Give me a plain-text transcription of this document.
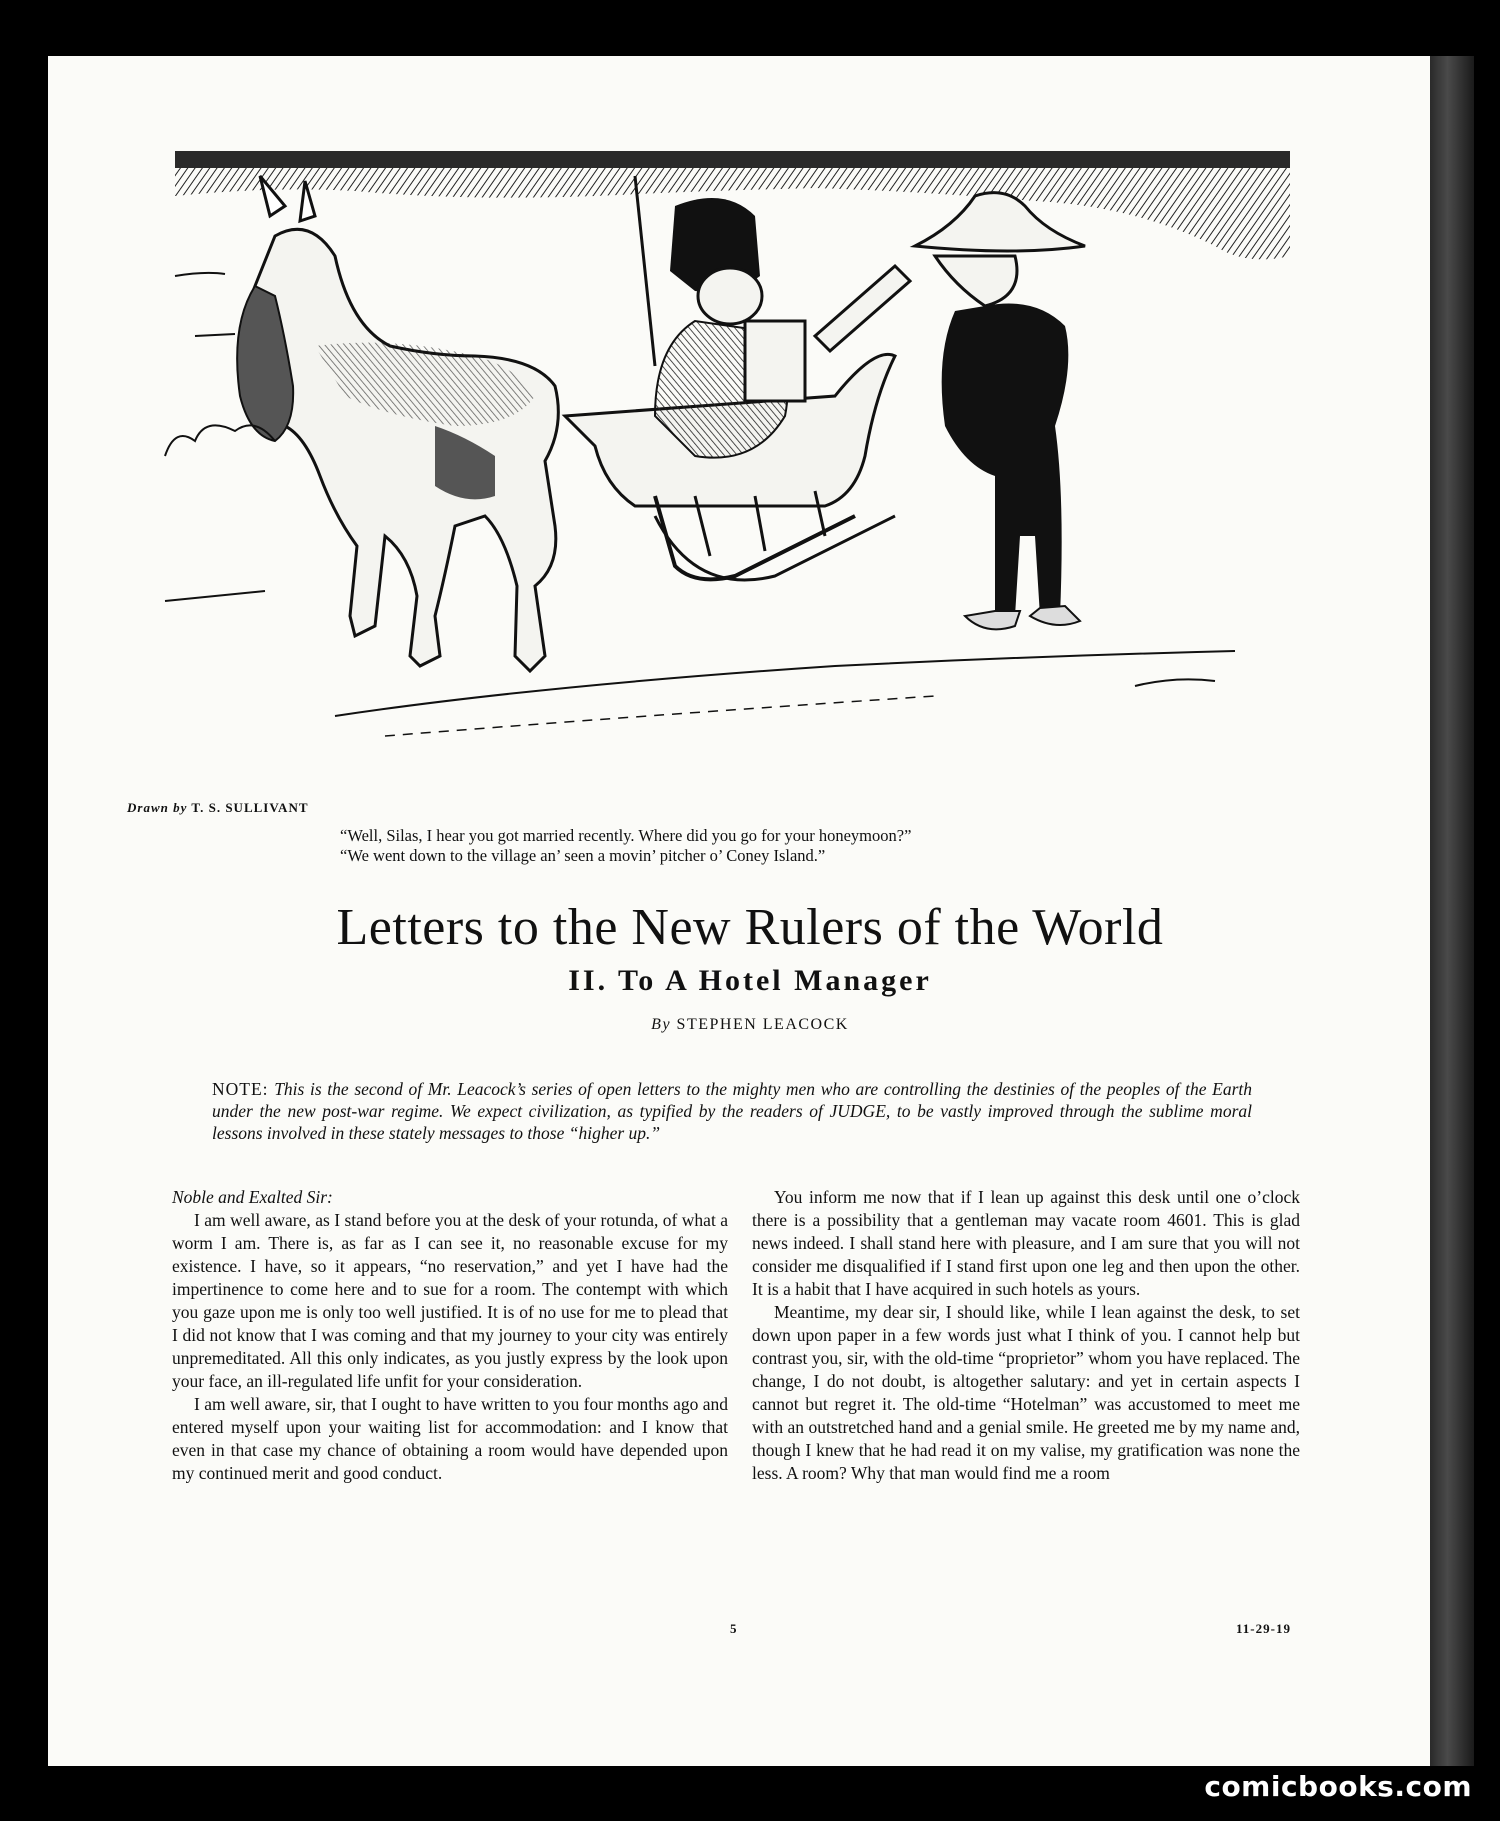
Drawn by T. S. SULLIVANT
“Well, Silas, I hear you got married recently. Where did you go for your honeymoon?”
“We went down to the village an’ seen a movin’ pitcher o’ Coney Island.”
Letters to the New Rulers of the World
II. To A Hotel Manager
By STEPHEN LEACOCK
NOTE: This is the second of Mr. Leacock’s series of open letters to the mighty men who are controlling the destinies of the peoples of the Earth under the new post-war regime. We expect civilization, as typified by the readers of JUDGE, to be vastly improved through the sublime moral lessons involved in these stately messages to those “higher up.”

Noble and Exalted Sir:

I am well aware, as I stand before you at the desk of your rotunda, of what a worm I am. There is, as far as I can see it, no reasonable excuse for my existence. I have, so it appears, “no reservation,” and yet I have had the impertinence to come here and to sue for a room. The contempt with which you gaze upon me is only too well justified. It is of no use for me to plead that I did not know that I was coming and that my journey to your city was entirely unpremeditated. All this only indicates, as you justly express by the look upon your face, an ill-regulated life unfit for your consideration.

I am well aware, sir, that I ought to have written to you four months ago and entered myself upon your waiting list for accommodation: and I know that even in that case my chance of obtaining a room would have depended upon my continued merit and good conduct.

You inform me now that if I lean up against this desk until one o’clock there is a possibility that a gentleman may vacate room 4601. This is glad news indeed. I shall stand here with pleasure, and I am sure that you will not consider me disqualified if I stand first upon one leg and then upon the other. It is a habit that I have acquired in such hotels as yours.

Meantime, my dear sir, I should like, while I lean against the desk, to set down upon paper in a few words just what I think of you. I cannot help but contrast you, sir, with the old-time “proprietor” whom you have replaced. The change, I do not doubt, is altogether salutary: and yet in certain aspects I cannot but regret it. The old-time “Hotelman” was accustomed to meet me with an outstretched hand and a genial smile. He greeted me by my name and, though I knew that he had read it on my valise, my gratification was none the less. A room? Why that man would find me a room

5	11-29-19
comicbooks.com
